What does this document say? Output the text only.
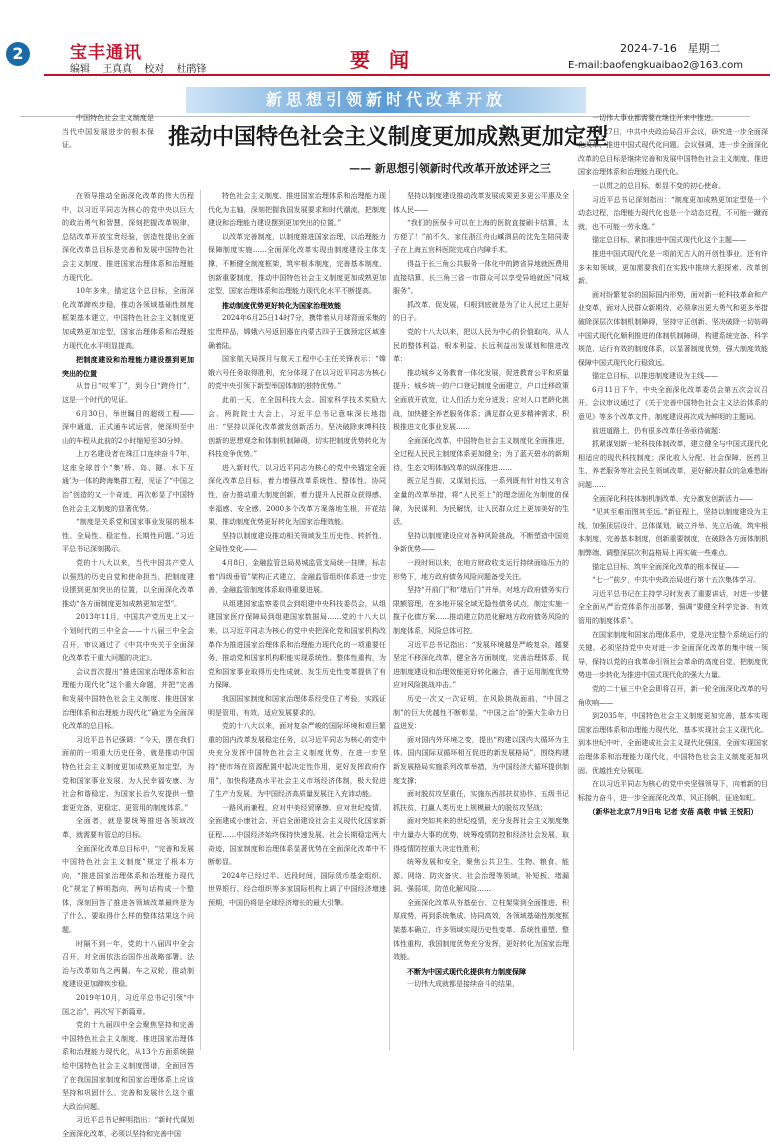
2	宝丰通讯
编辑 王真真 校对 杜鹃锋	要 闻	2024-7-16 星期二
E-mail:baofengkuaibao2@163.com
新思想引领新时代改革开放
推动中国特色社会主义制度更加成熟更加定型
—— 新思想引领新时代改革开放述评之三

中国特色社会主义制度是当代中国发展进步的根本保证。

特色社会主义制度、推进国家治理体系和治理能力现代化为主轴，深刻把握我国发展要求和时代潮流，把制度建设和治理能力建设摆到更加突出的位置。”

以改革完善制度，以制度推进国家治理，以治理能力保障制度实施……全面深化改革实现由制度建设主体支撑，不断健全制度框架，筑牢根本制度，完善基本制度，创新重要制度，推动中国特色社会主义制度更加成熟更加定型，国家治理体系和治理能力现代化水平不断提高。

推动制度优势更好转化为国家治理效能

2024年6月25日14时7分，携带着从月球背面采集的宝贵样品，嫦娥六号返回器在内蒙古四子王旗预定区域准确着陆。

国家航天局探月与航天工程中心主任关锋表示：“嫦娥六号任务取得胜利，充分体现了在以习近平同志为核心的党中央引领下新型举国体制的独特优势。”

此前一天，在全国科技大会、国家科学技术奖励大会、两院院士大会上，习近平总书记意味深长地指出：“坚持以深化改革激发创新活力，坚决破除束缚科技创新的思想观念和体制机制障碍，切实把制度优势转化为科技竞争优势。”

进入新时代，以习近平同志为核心的党中央锚定全面深化改革总目标，着力增强改革系统性、整体性、协同性，奋力推动重大制度创新，着力提升人民群众获得感、幸福感、安全感，2000多个改革方案落地生根，开花结果，推动制度优势更好转化为国家治理效能。

坚持以制度建设推动相关领域发生历史性、转折性、全局性变化——

4月8日，金融监管总局易城监管支局统一挂牌，标志着“四级垂管”架构正式建立，金融监管组织体系进一步完善，金融监管制度体系取得重要进展。

从组建国家监察委员会到组建中央科技委员会，从组建国家医疗保障局到组建国家数据局……党的十八大以来，以习近平同志为核心的党中央把深化党和国家机构改革作为推进国家治理体系和治理能力现代化的一项重要任务，推动党和国家机构职能实现系统性、整体性重构，为党和国家事业取得历史性成就、发生历史性变革提供了有力保障。

我国国家制度和国家治理体系经受住了考验，实践证明是管用、有效、适应发展要求的。

党的十八大以来，面对复杂严峻的国际环境和艰巨繁重的国内改革发展稳定任务，以习近平同志为核心的党中央充分发挥中国特色社会主义制度优势，在进一步坚持“使市场在资源配置中起决定性作用，更好发挥政府作用”，加快构建高水平社会主义市场经济体制，极大促进了生产力发展，为中国经济高质量发展注入充沛动能。

一路风雨兼程，应对中美经贸摩擦、应对世纪疫情，全面建成小康社会、开启全面建设社会主义现代化国家新征程……中国经济始终保持快速发展、社会长期稳定两大奇迹，国家制度和治理体系显著优势在全面深化改革中不断彰显。

2024年已经过半。近段时间，国际货币基金组织、世界银行、经合组织等多家国际机构上调了中国经济增速预期，中国仍将是全球经济增长的最大引擎。

坚持以制度建设推动改革发展成果更多更公平惠及全体人民——

“我们的医保卡可以在上海的医院直接刷卡结算，太方便了！”前不久，家住浙江舟山嵊泗县的沈先生陪同妻子在上海五官科医院完成白内障手术。

得益于长三角公共服务一体化中的跨省异地就医费用直接结算，长三角三省一市群众可以享受异地就医“同城服务”。

抓改革、促发展，归根到底就是为了让人民过上更好的日子。

党的十八大以来，把以人民为中心的价值取向，从人民的整体利益、根本利益、长远利益出发谋划和推进改革：

推动城乡义务教育一体化发展，促进教育公平和质量提升；城乡统一的户口登记制度全面建立，户口迁移政策全面放开放宽，让人们活力充分迸发；应对人口老龄化挑战，加快健全养老服务体系；满足群众更多精神需求，积极推进文化事业发展……

全面深化改革，中国特色社会主义制度化全面推进，全过程人民民主制度体系更加健全；为了蓝天碧水的新期待，生态文明体制改革的纵深推进……

既立足当前，又谋划长远，一系列既有针对性又有含金量的改革举措，将“人民至上”的理念固化为制度的保障，为民谋利、为民解忧，让人民群众过上更加美好的生活。

坚持以制度建设应对各种风险挑战，不断塑造中国竞争新优势——

一段时间以来，在地方财政收支运行持续面临压力的形势下，地方政府债务风险问题备受关注。

坚持“开前门”和“堵后门”并举，对地方政府债务实行限额管理，在多地开展全域无隐性债务试点，制定实施一揽子化债方案……推动建立防范化解地方政府债务风险的制度体系，风险总体可控。

习近平总书记指出：“发展环境越是严峻复杂，越要坚定不移深化改革，健全各方面制度，完善治理体系，促进制度建设和治理效能更好转化融合，善于运用制度优势应对风险挑战冲击。”

历史一次又一次证明，在风险挑战面前，“中国之制”的巨大优越性不断彰显，“中国之治”的强大生命力日益迸发：

面对国内外环境之变，提出“构建以国内大循环为主体、国内国际双循环相互促进的新发展格局”，围绕构建新发展格局实施系列改革举措，为中国经济大循环提供制度支撑；

面对脱贫攻坚重任，实施东西部扶贫协作、五级书记抓扶贫，打赢人类历史上规模最大的脱贫攻坚战；

面对突如其来的世纪疫情，充分发挥社会主义制度集中力量办大事的优势，统筹疫情防控和经济社会发展，取得疫情防控重大决定性胜利；

统筹发展和安全，聚焦公共卫生、生物、粮食、能源、网络、防灾备灾、社会治理等领域，补短板、堵漏洞、强弱项，防范化解风险……

全面深化改革从夯基垒台、立柱架梁到全面推进、积厚成势，再到系统集成、协同高效，各领域基础性制度框架基本确立，许多领域实现历史性变革、系统性重塑、整体性重构，我国制度优势充分发挥，更好转化为国家治理效能。

不断为中国式现代化提供有力制度保障

一切伟大成就都是接续奋斗的结果，

一切伟大事业都需要在继往开来中推进。

6月27日，中共中央政治局召开会议，研究进一步全面深化改革、推进中国式现代化问题。会议强调，进一步全面深化改革的总目标是继续完善和发展中国特色社会主义制度、推进国家治理体系和治理能力现代化。

一以贯之的总目标，彰显不变的初心使命。

习近平总书记深刻指出：“制度更加成熟更加定型是一个动态过程，治理能力现代化也是一个动态过程，不可能一蹴而就，也不可能一劳永逸。”

锚定总目标，紧扣推进中国式现代化这个主题——

推进中国式现代化是一项前无古人的开创性事业，还有许多未知领域，更加需要我们在实践中推续大胆探索、改革创新。

面对纷繁复杂的国际国内形势，面对新一轮科技革命和产业变革，面对人民群众新期待，必须拿出更大勇气和更多举措破除深层次体制机制障碍，坚持守正创新、坚决破除一切妨碍中国式现代化顺利推进的体制机制障碍，构建系统完备、科学规范、运行有效的制度体系，以显著制度优势，强大制度效能保障中国式现代化行稳致远。

锚定总目标，以推进制度建设为主线——

6月11日下午，中央全面深化改革委员会第五次会议召开。会议审议通过了《关于完善中国特色社会主义法治体系的意见》等多个改革文件，制度建设再次成为鲜明的主题词。

前进道路上，仍有很多改革任务亟待破题：

抓紧谋划新一轮科技体制改革，建立健全与中国式现代化相适应的现代科技制度；深化收入分配、社会保障、医药卫生、养老服务等社会民生领域改革，更好解决群众的急难愁盼问题……

全面深化科技体制机制改革，充分激发创新活力——

“见其至难而图其至远。”新征程上，坚持以制度建设为主线，加强顶层设计、总体谋划，破立并举、先立后破，筑牢根本制度，完善基本制度，创新重要制度，在破除各方面体制机制弊端、调整深层次利益格局上再实破一些难点。

锚定总目标，筑牢全面深化改革的根本保证——

“七一”前夕，中共中央政治局进行第十五次集体学习。

习近平总书记在主持学习时发表了重要讲话，对进一步健全全面从严治党体系作出部署，强调“要健全科学完备、有效管用的制度体系”。

在国家制度和国家治理体系中，党是决定整个系统运行的关键。必须坚持党中央对进一步全面深化改革的集中统一领导，保持以党的自我革命引领社会革命的高度自觉，把制度优势进一步转化为推进中国式现代化的强大力量。

党的二十届三中全会即将召开，新一轮全面深化改革的号角吹响——

到2035年，中国特色社会主义制度更加完善，基本实现国家治理体系和治理能力现代化，基本实现社会主义现代化。到本世纪中叶，全面建成社会主义现代化强国，全面实现国家治理体系和治理能力现代化，中国特色社会主义制度更加巩固、优越性充分展现。

在以习近平同志为核心的党中央坚强领导下，向着新的目标接力奋斗，进一步全面深化改革，风正扬帆，征途如虹。

（新华社北京7月9日电 记者 安蓓 高敬 申铖 王悦阳）

在领导推动全面深化改革的伟大历程中，以习近平同志为核心的党中央以巨大的政治勇气和智慧，深刻把握改革规律，总结改革开放宝贵经验，创造性提出全面深化改革总目标是完善和发展中国特色社会主义制度、推进国家治理体系和治理能力现代化。

10年多来，锚定这个总目标，全面深化改革蹄疾步稳，推动各领域基础性制度框架基本建立，中国特色社会主义制度更加成熟更加定型，国家治理体系和治理能力现代化水平明显提高。

把制度建设和治理能力建设摆到更加突出的位置

从昔日“叹零丁”，到今日“跨伶仃”，这是一个时代的见证。

6月30日，举世瞩目的超级工程——深中通道，正式通车试运营，使深圳至中山的车程从此前的2小时缩短至30分钟。

上万名建设者在珠江口连续奋斗7年，这座全球首个“集‘桥、岛、隧、水下互通’为一体的跨海集群工程，见证了“中国之治”创造的又一个奇迹，再次彰显了中国特色社会主义制度的显著优势。

“制度是关系党和国家事业发展的根本性、全局性、稳定性、长期性问题。”习近平总书记深刻揭示。

党的十八大以来，当代中国共产党人以强烈的历史自觉和使命担当，把制度建设摆到更加突出的位置，以全面深化改革推动“各方面制度更加成熟更加定型”。

2013年11月，中国共产党历史上又一个划时代的三中全会——十八届三中全会召开，审议通过了《中共中央关于全面深化改革若干重大问题的决定》。

会议首次提出“推进国家治理体系和治理能力现代化”这个重大命题，并把“完善和发展中国特色社会主义制度、推进国家治理体系和治理能力现代化”确定为全面深化改革的总目标。

习近平总书记强调：“今天，摆在我们面前的一项重大历史任务，就是推动中国特色社会主义制度更加成熟更加定型，为党和国家事业发展、为人民幸福安康、为社会和谐稳定、为国家长治久安提供一整套更完备、更稳定、更管用的制度体系。”

全面者，就是要统筹推进各领域改革，就需要有管总的目标。

全面深化改革总目标中，“完善和发展中国特色社会主义制度”规定了根本方向，“推进国家治理体系和治理能力现代化”规定了鲜明指向，两句话构成一个整体，深刻回答了推进各领域改革最终是为了什么、要取得什么样的整体结果这个问题。

时隔不到一年，党的十八届四中全会召开，对全面依法治国作出战略部署。法治与改革如鸟之两翼、车之双轮，推动制度建设更加蹄疾步稳。

2019年10月，习近平总书记引领“中国之治”，再次写下新篇章。

党的十九届四中全会聚焦坚持和完善中国特色社会主义制度、推进国家治理体系和治理能力现代化，从13个方面系统描绘中国特色社会主义制度图谱，全面回答了在我国国家制度和国家治理体系上应该坚持和巩固什么、完善和发展什么这个重大政治问题。

习近平总书记鲜明指出：“新时代谋划全面深化改革，必须以坚持和完善中国
